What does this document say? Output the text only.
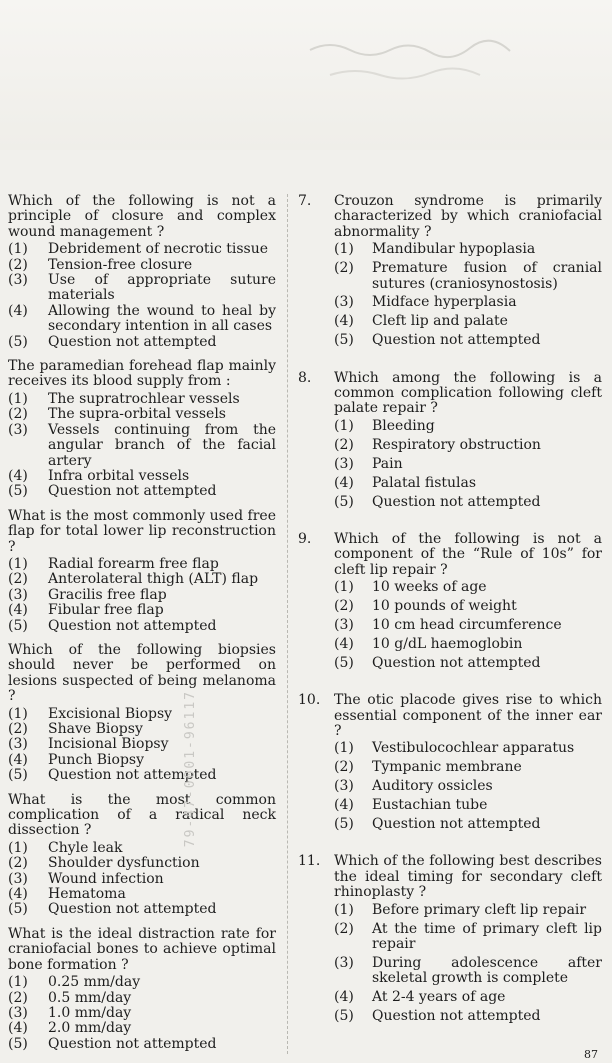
Which of the following is not a principle of closure and complex wound management ?
(1)	Debridement of necrotic tissue
(2)	Tension-free closure
(3)	Use of appropriate suture materials
(4)	Allowing the wound to heal by secondary intention in all cases
(5)	Question not attempted
The paramedian forehead flap mainly receives its blood supply from :
(1)	The supratrochlear vessels
(2)	The supra-orbital vessels
(3)	Vessels continuing from the angular branch of the facial artery
(4)	Infra orbital vessels
(5)	Question not attempted
What is the most commonly used free flap for total lower lip reconstruction ?
(1)	Radial forearm free flap
(2)	Anterolateral thigh (ALT) flap
(3)	Gracilis free flap
(4)	Fibular free flap
(5)	Question not attempted
Which of the following biopsies should never be performed on lesions suspected of being melanoma ?
(1)	Excisional Biopsy
(2)	Shave Biopsy
(3)	Incisional Biopsy
(4)	Punch Biopsy
(5)	Question not attempted
What is the most common complication of a radical neck dissection ?
(1)	Chyle leak
(2)	Shoulder dysfunction
(3)	Wound infection
(4)	Hematoma
(5)	Question not attempted
What is the ideal distraction rate for craniofacial bones to achieve optimal bone formation ?
(1)	0.25 mm/day
(2)	0.5 mm/day
(3)	1.0 mm/day
(4)	2.0 mm/day
(5)	Question not attempted
7.	Crouzon syndrome is primarily characterized by which craniofacial abnormality ?
(1)	Mandibular hypoplasia
(2)	Premature fusion of cranial sutures (craniosynostosis)
(3)	Midface hyperplasia
(4)	Cleft lip and palate
(5)	Question not attempted
8.	Which among the following is a common complication following cleft palate repair ?
(1)	Bleeding
(2)	Respiratory obstruction
(3)	Pain
(4)	Palatal fistulas
(5)	Question not attempted
9.	Which of the following is not a component of the “Rule of 10s” for cleft lip repair ?
(1)	10 weeks of age
(2)	10 pounds of weight
(3)	10 cm head circumference
(4)	10 g/dL haemoglobin
(5)	Question not attempted
10. The otic placode gives rise to which essential component of the inner ear ?
(1)	Vestibulocochlear apparatus
(2)	Tympanic membrane
(3)	Auditory ossicles
(4)	Eustachian tube
(5)	Question not attempted
11. Which of the following best describes the ideal timing for secondary cleft rhinoplasty ?
(1)	Before primary cleft lip repair
(2)	At the time of primary cleft lip repair
(3)	During adolescence after skeletal growth is complete
(4)	At 2-4 years of age
(5)	Question not attempted
79-47-0001-96117
87
